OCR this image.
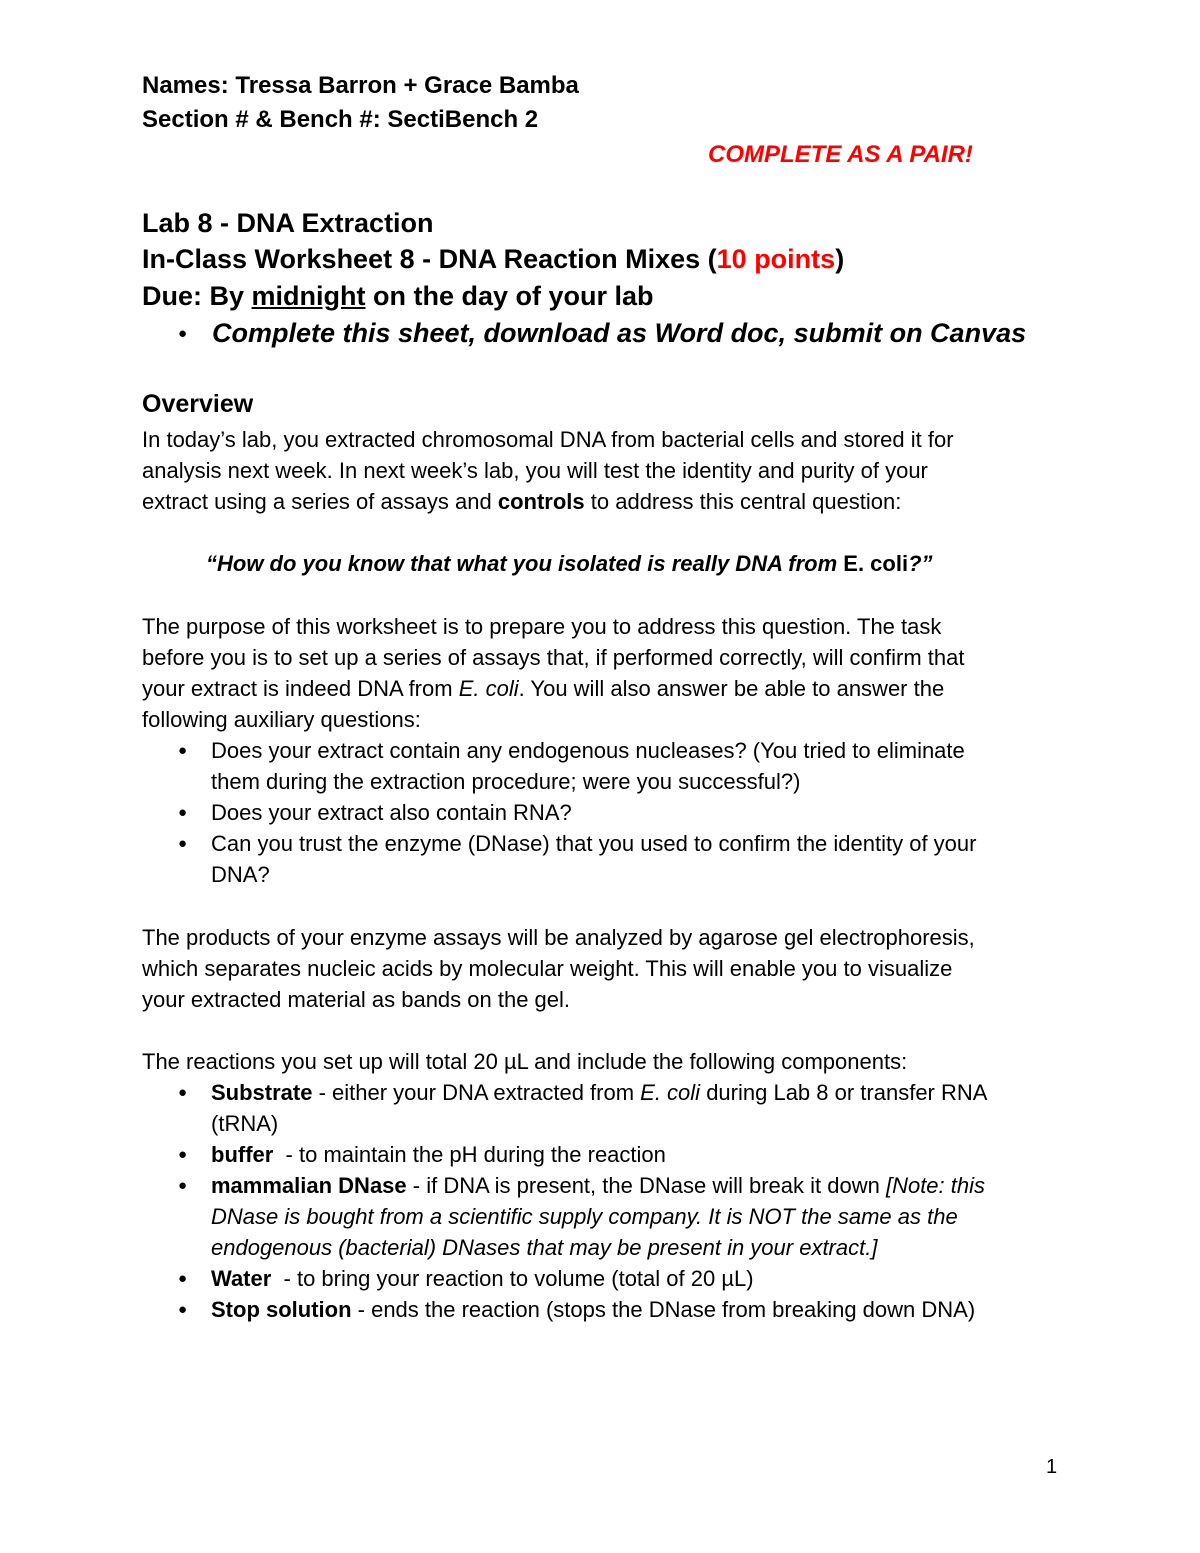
Names: Tressa Barron + Grace Bamba
Section # & Bench #: SectiBench 2
COMPLETE AS A PAIR!
Lab 8 - DNA Extraction
In-Class Worksheet 8 - DNA Reaction Mixes (10 points)
Due: By midnight on the day of your lab
● Complete this sheet, download as Word doc, submit on Canvas
Overview
In today’s lab, you extracted chromosomal DNA from bacterial cells and stored it for
analysis next week. In next week’s lab, you will test the identity and purity of your
extract using a series of assays and controls to address this central question:
“How do you know that what you isolated is really DNA from E. coli?”
The purpose of this worksheet is to prepare you to address this question. The task
before you is to set up a series of assays that, if performed correctly, will confirm that
your extract is indeed DNA from E. coli. You will also answer be able to answer the
following auxiliary questions:
● Does your extract contain any endogenous nucleases? (You tried to eliminate
them during the extraction procedure; were you successful?)
● Does your extract also contain RNA?
● Can you trust the enzyme (DNase) that you used to confirm the identity of your
DNA?
The products of your enzyme assays will be analyzed by agarose gel electrophoresis,
which separates nucleic acids by molecular weight. This will enable you to visualize
your extracted material as bands on the gel.
The reactions you set up will total 20 µL and include the following components:
● Substrate - either your DNA extracted from E. coli during Lab 8 or transfer RNA
(tRNA)
● buffer  - to maintain the pH during the reaction
● mammalian DNase - if DNA is present, the DNase will break it down [Note: this
DNase is bought from a scientific supply company. It is NOT the same as the
endogenous (bacterial) DNases that may be present in your extract.]
● Water  - to bring your reaction to volume (total of 20 µL)
● Stop solution - ends the reaction (stops the DNase from breaking down DNA)
1
